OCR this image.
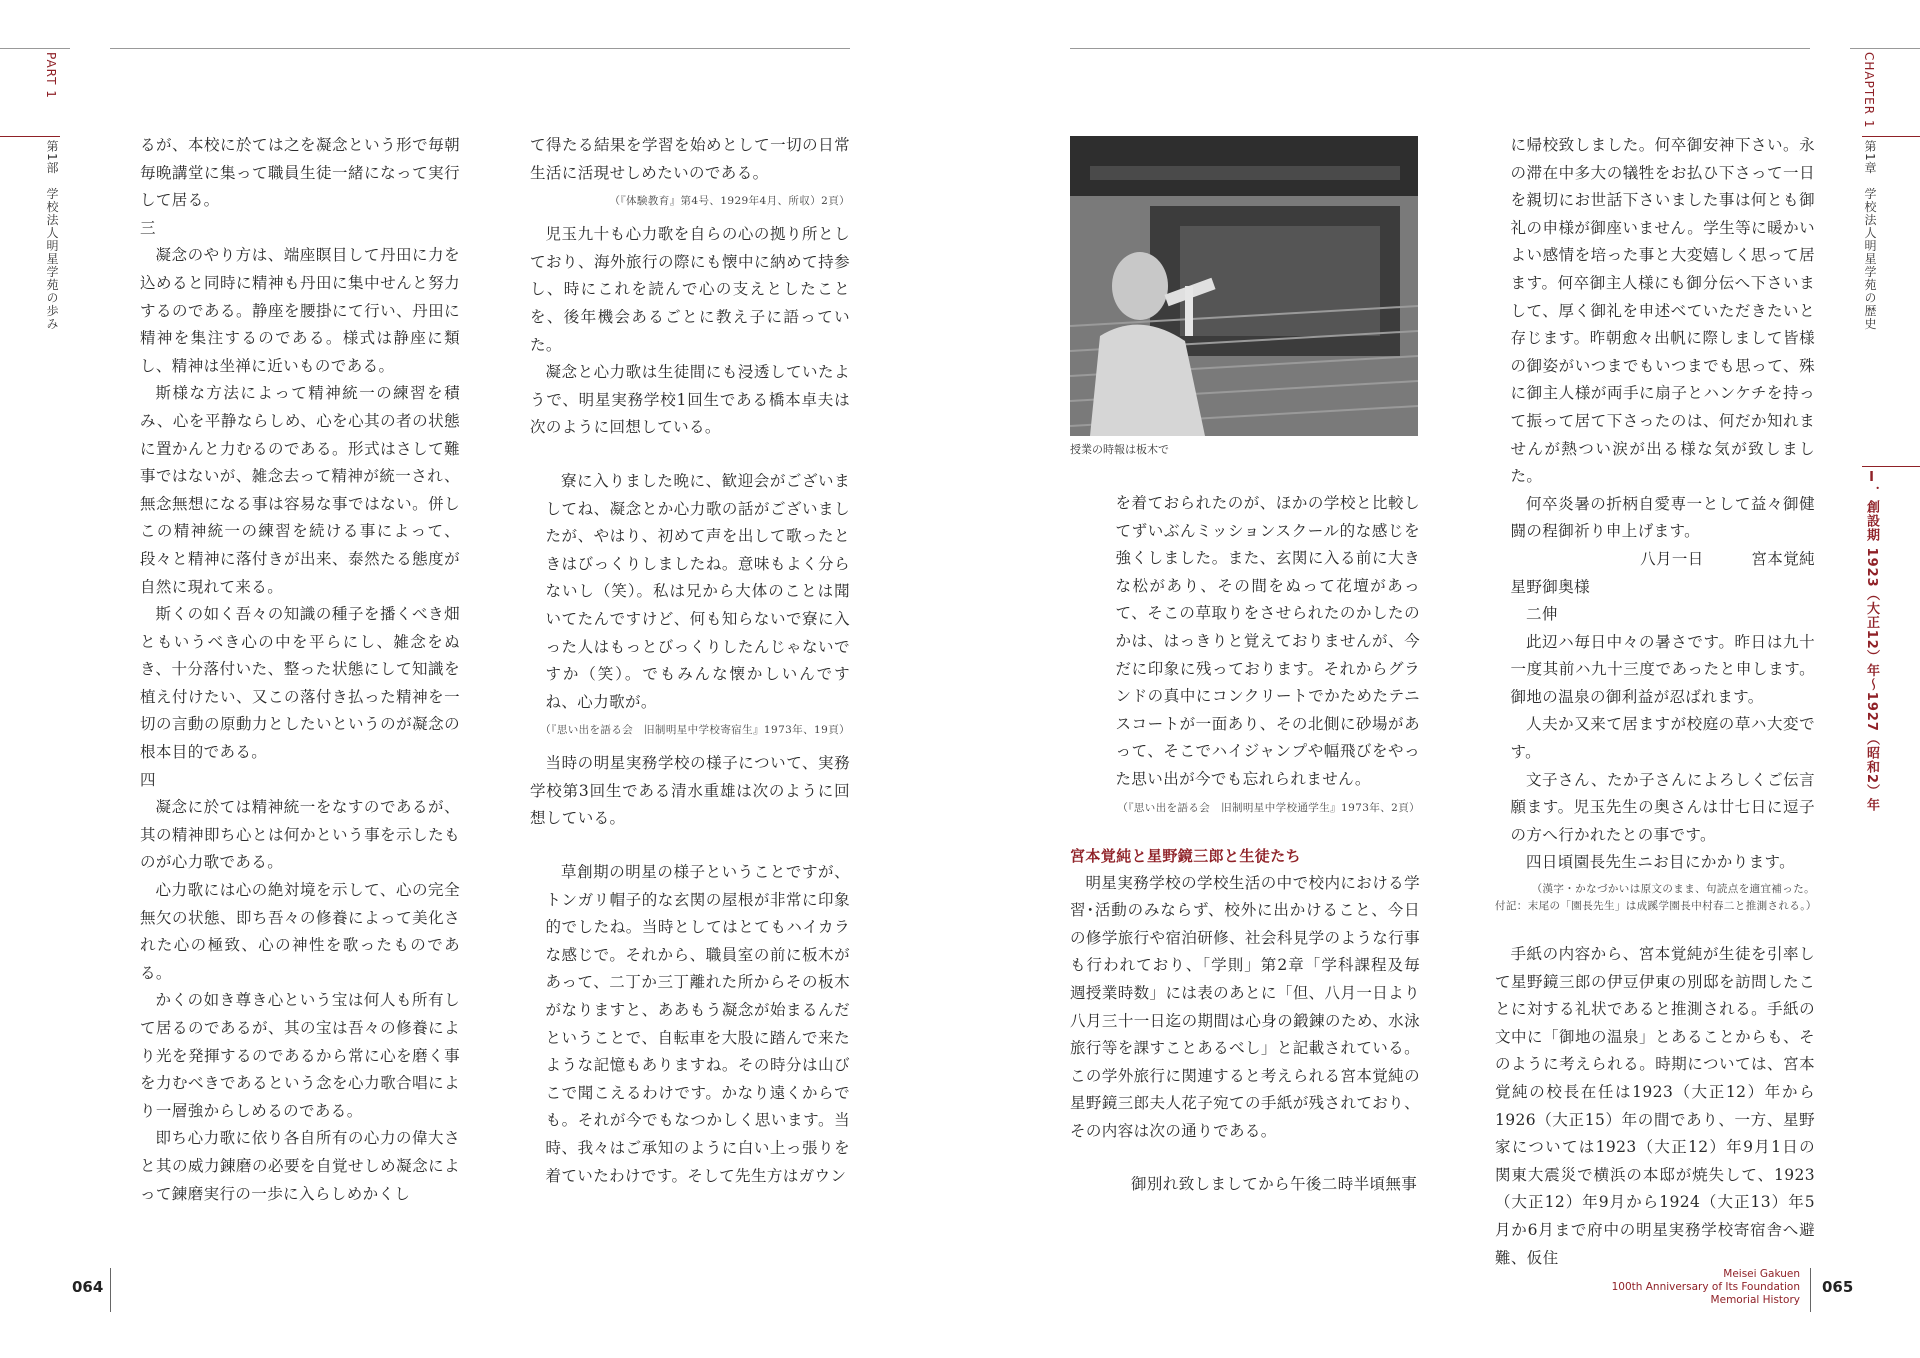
PART 1
第1部　学校法人明星学苑の歩み
CHAPTER 1
第1章　学校法人明星学苑の歴史
Ⅰ．創設期 1923（大正12）年～1927（昭和2）年

るが、本校に於ては之を凝念という形で毎朝毎晩講堂に集って職員生徒一緒になって実行して居る。

三

凝念のやり方は、端座瞑目して丹田に力を込めると同時に精神も丹田に集中せんと努力するのである。静座を腰掛にて行い、丹田に精神を集注するのである。様式は静座に類し、精神は坐禅に近いものである。

斯様な方法によって精神統一の練習を積み、心を平静ならしめ、心を心其の者の状態に置かんと力むるのである。形式はさして難事ではないが、雑念去って精神が統一され、無念無想になる事は容易な事ではない。併しこの精神統一の練習を続ける事によって、段々と精神に落付きが出来、泰然たる態度が自然に現れて来る。

斯くの如く吾々の知識の種子を播くべき畑ともいうべき心の中を平らにし、雑念をぬき、十分落付いた、整った状態にして知識を植え付けたい、又この落付き払った精神を一切の言動の原動力としたいというのが凝念の根本目的である。

四

凝念に於ては精神統一をなすのであるが、其の精神即ち心とは何かという事を示したものが心力歌である。

心力歌には心の絶対境を示して、心の完全無欠の状態、即ち吾々の修養によって美化された心の極致、心の神性を歌ったものである。

かくの如き尊き心という宝は何人も所有して居るのであるが、其の宝は吾々の修養により光を発揮するのであるから常に心を磨く事を力むべきであるという念を心力歌合唱により一層強からしめるのである。

即ち心力歌に依り各自所有の心力の偉大さと其の威力錬磨の必要を自覚せしめ凝念によって錬磨実行の一歩に入らしめかくし

て得たる結果を学習を始めとして一切の日常生活に活現せしめたいのである。

（『体験教育』第4号、1929年4月、所収）2頁）

児玉九十も心力歌を自らの心の拠り所としており、海外旅行の際にも懐中に納めて持参し、時にこれを読んで心の支えとしたことを、後年機会あるごとに教え子に語っていた。

凝念と心力歌は生徒間にも浸透していたようで、明星実務学校1回生である橋本卓夫は次のように回想している。

寮に入りました晩に、歓迎会がございましてね、凝念とか心力歌の話がございましたが、やはり、初めて声を出して歌ったときはびっくりしましたね。意味もよく分らないし（笑）。私は兄から大体のことは聞いてたんですけど、何も知らないで寮に入った人はもっとびっくりしたんじゃないですか（笑）。でもみんな懐かしいんですね、心力歌が。

（『思い出を語る会　旧制明星中学校寄宿生』1973年、19頁）

当時の明星実務学校の様子について、実務学校第3回生である清水重雄は次のように回想している。

草創期の明星の様子ということですが、トンガリ帽子的な玄関の屋根が非常に印象的でしたね。当時としてはとてもハイカラな感じで。それから、職員室の前に板木があって、二丁か三丁離れた所からその板木がなりますと、ああもう凝念が始まるんだということで、自転車を大股に踏んで来たような記憶もありますね。その時分は山びこで聞こえるわけです。かなり遠くからでも。それが今でもなつかしく思います。当時、我々はご承知のように白い上っ張りを着ていたわけです。そして先生方はガウン

授業の時報は板木で

を着ておられたのが、ほかの学校と比較してずいぶんミッションスクール的な感じを強くしました。また、玄関に入る前に大きな松があり、その間をぬって花壇があって、そこの草取りをさせられたのかしたのかは、はっきりと覚えておりませんが、今だに印象に残っております。それからグランドの真中にコンクリートでかためたテニスコートが一面あり、その北側に砂場があって、そこでハイジャンプや幅飛びをやった思い出が今でも忘れられません。

（『思い出を語る会　旧制明星中学校通学生』1973年、2頁）

宮本覚純と星野鏡三郎と生徒たち

明星実務学校の学校生活の中で校内における学習･活動のみならず、校外に出かけること、今日の修学旅行や宿泊研修、社会科見学のような行事も行われており、「学則」第2章「学科課程及毎週授業時数」には表のあとに「但、八月一日より八月三十一日迄の期間は心身の鍛錬のため、水泳旅行等を課すことあるべし」と記載されている。この学外旅行に関連すると考えられる宮本覚純の星野鏡三郎夫人花子宛ての手紙が残されており、その内容は次の通りである。

御別れ致しましてから午後二時半頃無事

に帰校致しました。何卒御安神下さい。永の滞在中多大の犠牲をお払ひ下さって一日を親切にお世話下さいました事は何とも御礼の申様が御座いません。学生等に暖かいよい感情を培った事と大変嬉しく思って居ます。何卒御主人様にも御分伝へ下さいまして、厚く御礼を申述べていただきたいと存じます。昨朝愈々出帆に際しまして皆様の御姿がいつまでもいつまでも思って、殊に御主人様が両手に扇子とハンケチを持って振って居て下さったのは、何だか知れませんが熱つい涙が出る様な気が致しました。

何卒炎暑の折柄自愛専一として益々御健闘の程御祈り申上げます。

八月一日　　　宮本覚純

星野御奥様

二伸

此辺ハ毎日中々の暑さです。昨日は九十一度其前ハ九十三度であったと申します。御地の温泉の御利益が忍ばれます。

人夫か又来て居ますが校庭の草ハ大変です。

文子さん、たか子さんによろしくご伝言願ます。児玉先生の奥さんは廿七日に逗子の方へ行かれたとの事です。

四日頃園長先生ニお目にかかります。

（漢字・かなづかいは原文のまま、句読点を適宜補った。
付記：末尾の「園長先生」は成蹊学園長中村春二と推測される。）

手紙の内容から、宮本覚純が生徒を引率して星野鏡三郎の伊豆伊東の別邸を訪問したことに対する礼状であると推測される。手紙の文中に「御地の温泉」とあることからも、そのように考えられる。時期については、宮本覚純の校長在任は1923（大正12）年から1926（大正15）年の間であり、一方、星野家については1923（大正12）年9月1日の関東大震災で横浜の本邸が焼失して、1923（大正12）年9月から1924（大正13）年5月か6月まで府中の明星実務学校寄宿舎へ避難、仮住

064
Meisei Gakuen
100th Anniversary of Its Foundation
Memorial History
065
